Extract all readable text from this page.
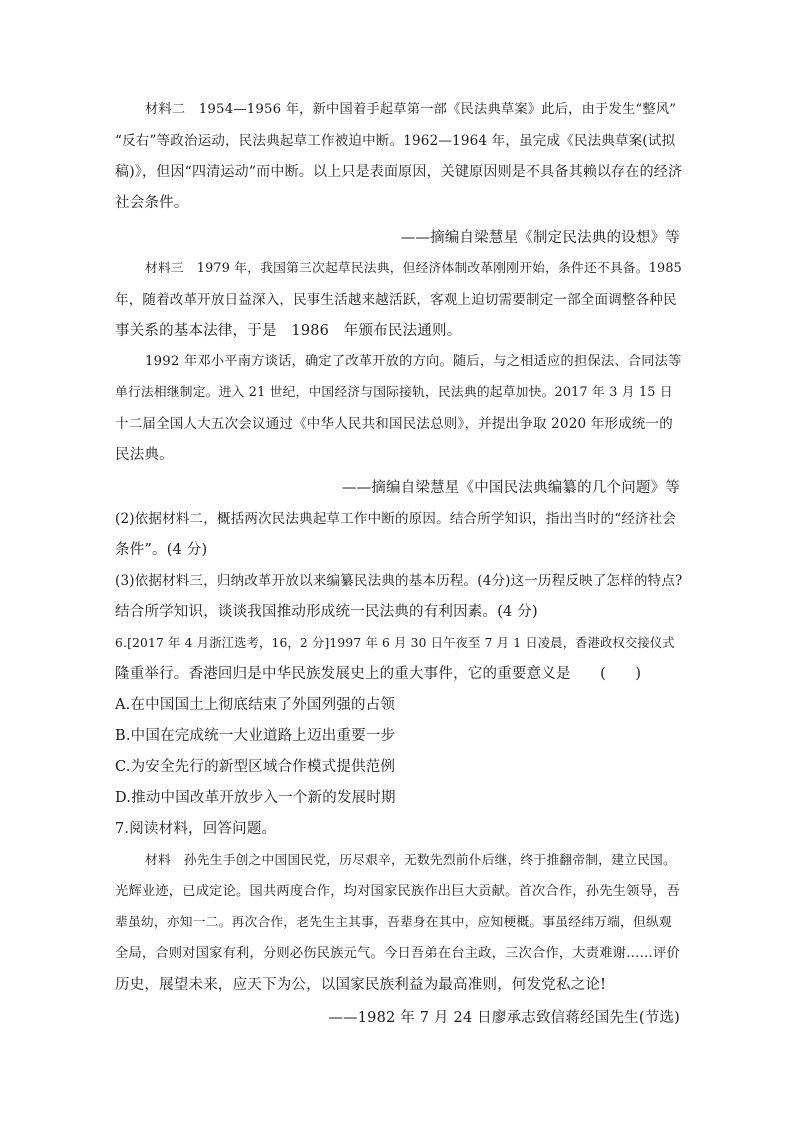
材料二　1954—1956 年，新中国着手起草第一部《民法典草案》此后，由于发生“整风”
“反右”等政治运动，民法典起草工作被迫中断。1962—1964 年，虽完成《民法典草案(试拟
稿)》，但因“四清运动”而中断。以上只是表面原因，关键原因则是不具备其赖以存在的经济
社会条件。
——摘编自梁慧星《制定民法典的设想》等
材料三　1979 年，我国第三次起草民法典，但经济体制改革刚刚开始，条件还不具备。1985
年，随着改革开放日益深入，民事生活越来越活跃，客观上迫切需要制定一部全面调整各种民
事关系的基本法律，于是　1986　年颁布民法通则。
1992 年邓小平南方谈话，确定了改革开放的方向。随后，与之相适应的担保法、合同法等
单行法相继制定。进入 21 世纪，中国经济与国际接轨，民法典的起草加快。2017 年 3 月 15 日
十二届全国人大五次会议通过《中华人民共和国民法总则》，并提出争取 2020 年形成统一的
民法典。
——摘编自梁慧星《中国民法典编纂的几个问题》等
(2)依据材料二，概括两次民法典起草工作中断的原因。结合所学知识，指出当时的“经济社会
条件”。(4 分)
(3)依据材料三，归纳改革开放以来编纂民法典的基本历程。(4分)这一历程反映了怎样的特点?
结合所学知识，谈谈我国推动形成统一民法典的有利因素。(4 分)
6.[2017 年 4 月浙江选考，16，2 分]1997 年 6 月 30 日午夜至 7 月 1 日凌晨，香港政权交接仪式
隆重举行。香港回归是中华民族发展史上的重大事件，它的重要意义是　　(　　)
A.在中国国土上彻底结束了外国列强的占领
B.中国在完成统一大业道路上迈出重要一步
C.为安全先行的新型区域合作模式提供范例
D.推动中国改革开放步入一个新的发展时期
7.阅读材料，回答问题。
材料　孙先生手创之中国国民党，历尽艰辛，无数先烈前仆后继，终于推翻帝制，建立民国。
光辉业迹，已成定论。国共两度合作，均对国家民族作出巨大贡献。首次合作，孙先生领导，吾
辈虽幼，亦知一二。再次合作，老先生主其事，吾辈身在其中，应知梗概。事虽经纬万端，但纵观
全局，合则对国家有利，分则必伤民族元气。今日吾弟在台主政，三次合作，大责难谢……评价
历史，展望未来，应天下为公，以国家民族利益为最高准则，何发党私之论!
——1982 年 7 月 24 日廖承志致信蒋经国先生(节选)
